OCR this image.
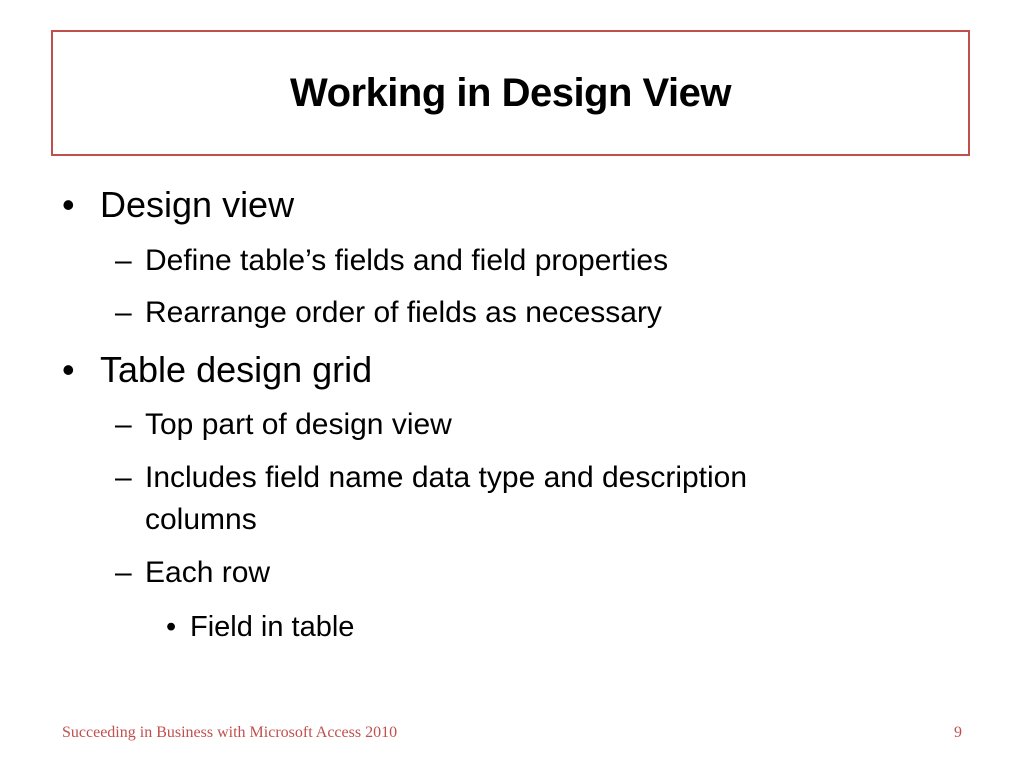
Working in Design View
• Design view
– Define table’s fields and field properties
– Rearrange order of fields as necessary
• Table design grid
– Top part of design view
– Includes field name data type and description
columns
– Each row
• Field in table
Succeeding in Business with Microsoft Access 2010	9
